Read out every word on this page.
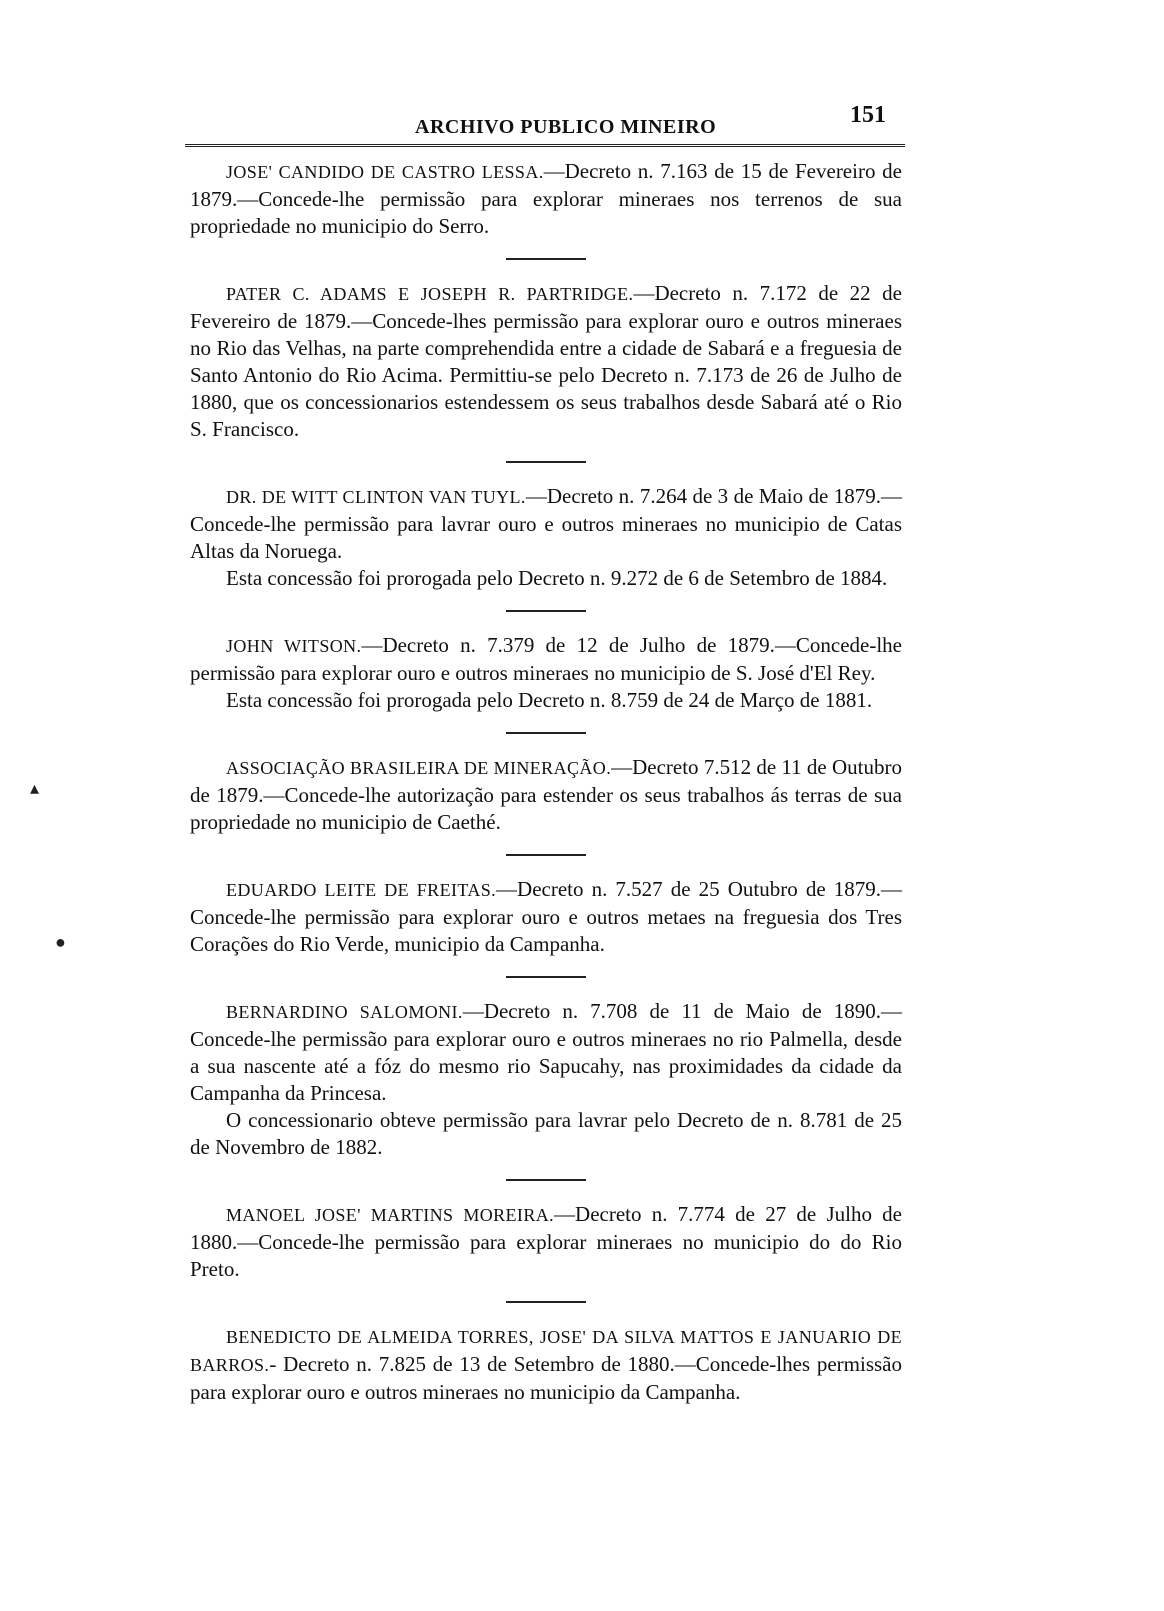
ARCHIVO PUBLICO MINEIRO	151
▴
●

JOSE' CANDIDO DE CASTRO LESSA.—Decreto n. 7.163 de 15 de Fevereiro de 1879.—Concede-lhe permissão para explorar mineraes nos terrenos de sua propriedade no municipio do Serro.

PATER C. ADAMS E JOSEPH R. PARTRIDGE.—Decreto n. 7.172 de 22 de Fevereiro de 1879.—Concede-lhes permissão para explorar ouro e outros mineraes no Rio das Velhas, na parte comprehendida entre a cidade de Sabará e a freguesia de Santo Antonio do Rio Acima. Permittiu-se pelo Decreto n. 7.173 de 26 de Julho de 1880, que os concessionarios estendessem os seus trabalhos desde Sabará até o Rio S. Francisco.

DR. DE WITT CLINTON VAN TUYL.—Decreto n. 7.264 de 3 de Maio de 1879.—Concede-lhe permissão para lavrar ouro e outros mineraes no municipio de Catas Altas da Noruega.

Esta concessão foi prorogada pelo Decreto n. 9.272 de 6 de Setembro de 1884.

JOHN WITSON.—Decreto n. 7.379 de 12 de Julho de 1879.—Concede-lhe permissão para explorar ouro e outros mineraes no municipio de S. José d'El Rey.

Esta concessão foi prorogada pelo Decreto n. 8.759 de 24 de Março de 1881.

ASSOCIAÇÃO BRASILEIRA DE MINERAÇÃO.—Decreto 7.512 de 11 de Outubro de 1879.—Concede-lhe autorização para estender os seus trabalhos ás terras de sua propriedade no municipio de Caethé.

EDUARDO LEITE DE FREITAS.—Decreto n. 7.527 de 25 Outubro de 1879.—Concede-lhe permissão para explorar ouro e outros metaes na freguesia dos Tres Corações do Rio Verde, municipio da Campanha.

BERNARDINO SALOMONI.—Decreto n. 7.708 de 11 de Maio de 1890.—Concede-lhe permissão para explorar ouro e outros mineraes no rio Palmella, desde a sua nascente até a fóz do mesmo rio Sapucahy, nas proximidades da cidade da Campanha da Princesa.

O concessionario obteve permissão para lavrar pelo Decreto de n. 8.781 de 25 de Novembro de 1882.

MANOEL JOSE' MARTINS MOREIRA.—Decreto n. 7.774 de 27 de Julho de 1880.—Concede-lhe permissão para explorar mineraes no municipio do do Rio Preto.

BENEDICTO DE ALMEIDA TORRES, JOSE' DA SILVA MATTOS E JANUARIO DE BARROS.- Decreto n. 7.825 de 13 de Setembro de 1880.—Concede-lhes permissão para explorar ouro e outros mineraes no municipio da Campanha.
